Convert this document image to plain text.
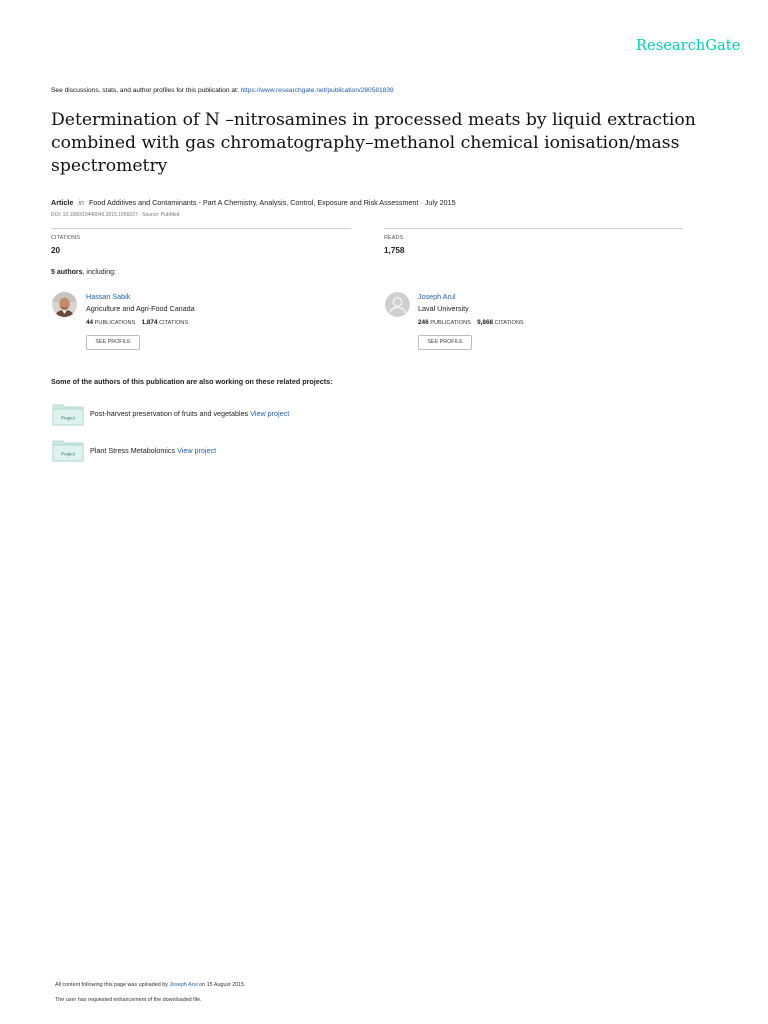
ResearchGate
See discussions, stats, and author profiles for this publication at: https://www.researchgate.net/publication/280581839
Determination of N –nitrosamines in processed meats by liquid extraction combined with gas chromatography–methanol chemical ionisation/mass spectrometry
Article in Food Additives and Contaminants - Part A Chemistry, Analysis, Control, Exposure and Risk Assessment · July 2015
DOI: 10.1080/19440049.2015.1066037 · Source: PubMed
CITATIONS
20
READS
1,758
5 authors, including:
Hassan Sabik
Agriculture and Agri-Food Canada
44 PUBLICATIONS 1,874 CITATIONS
SEE PROFILE
Joseph Arul
Laval University
246 PUBLICATIONS 9,868 CITATIONS
SEE PROFILE
Some of the authors of this publication are also working on these related projects:
Project Post-harvest preservation of fruits and vegetables View project
Project Plant Stress Metabolomics View project
All content following this page was uploaded by Joseph Arul on 15 August 2015.
The user has requested enhancement of the downloaded file.
